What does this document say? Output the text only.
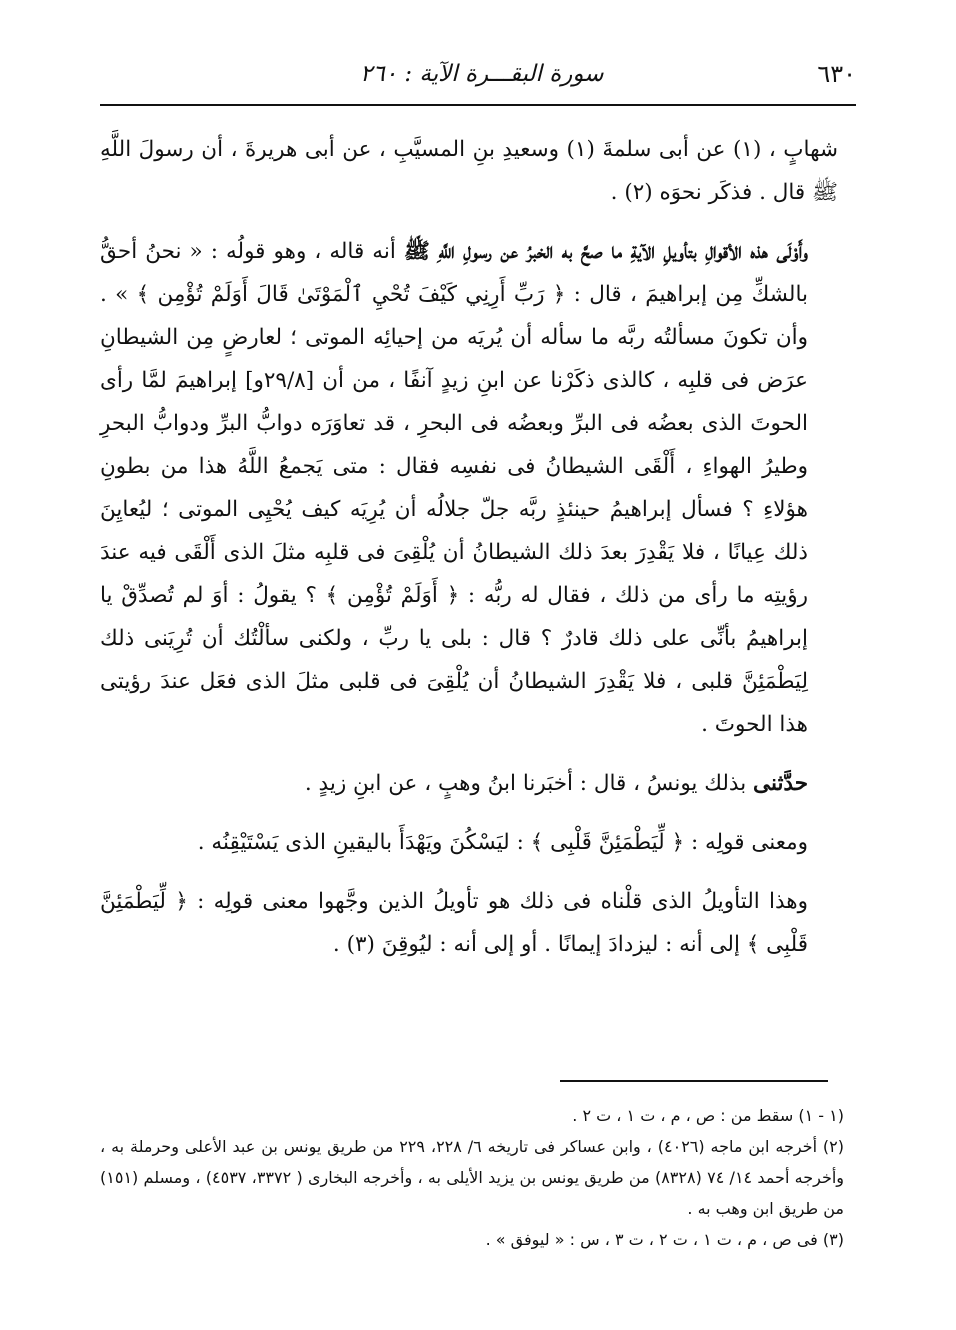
٦٣٠
سورة البقـــرة الآية : ٢٦٠

شهابٍ ، (١) عن أبى سلمةَ (١) وسعيدِ بنِ المسيَّبِ ، عن أبى هريرةَ ، أن رسولَ اللَّهِ ﷺ قال . فذكَر نحوَه (٢) .

وأَوْلَى هذه الأقوالِ بتأويلِ الآيةِ ما صحَّ به الخبرُ عن رسولِ اللَّهِ ﷺ أنه قاله ، وهو قولُه : « نحنُ أحقُّ بالشكِّ مِن إبراهيمَ ، قال : ﴿ رَبِّ أَرِنِي كَيْفَ تُحْيِ ٱلْمَوْتَىٰ قَالَ أَوَلَمْ تُؤْمِن ﴾ » . وأن تكونَ مسألتُه ربَّه ما سأله أن يُريَه من إحيائِه الموتى ؛ لعارضٍ مِن الشيطانِ عرَض فى قلبِه ، كالذى ذكَرْنا عن ابنِ زيدٍ آنفًا ، من أن [٢٩/٨و] إبراهيمَ لمَّا رأى الحوتَ الذى بعضُه فى البرِّ وبعضُه فى البحرِ ، قد تعاوَرَه دوابُّ البرِّ ودوابُّ البحرِ وطيرُ الهواءِ ، أَلْقَى الشيطانُ فى نفسِه فقال : متى يَجمعُ اللَّهُ هذا من بطونِ هؤلاءِ ؟ فسأل إبراهيمُ حينئذٍ ربَّه جلّ جلالُه أن يُرِيَه كيف يُحْيِى الموتى ؛ ليُعايِنَ ذلك عِيانًا ، فلا يَقْدِرَ بعدَ ذلك الشيطانُ أن يُلْقِىَ فى قلبِه مثلَ الذى أَلْقَى فيه عندَ رؤيتِه ما رأى من ذلك ، فقال له ربُّه : ﴿ أَوَلَمْ تُؤْمِن ﴾ ؟ يقولُ : أوَ لم تُصدِّقْ يا إبراهيمُ بأنِّى على ذلك قادرٌ ؟ قال : بلى يا ربِّ ، ولكنى سألْتُك أن تُرِيَنى ذلك لِيَطْمَئِنَّ قلبى ، فلا يَقْدِرَ الشيطانُ أن يُلْقِىَ فى قلبى مثلَ الذى فعَل عندَ رؤيتى هذا الحوتَ .

حدَّثنى بذلك يونسُ ، قال : أخبَرنا ابنُ وهبٍ ، عن ابنِ زيدٍ .

ومعنى قولِه : ﴿ لِّيَطْمَئِنَّ قَلْبِى ﴾ : ليَسْكُنَ ويَهْدَأَ باليقينِ الذى يَسْتَيْقِنُه .

وهذا التأويلُ الذى قلْناه فى ذلك هو تأويلُ الذين وجَّهوا معنى قولِه : ﴿ لِّيَطْمَئِنَّ قَلْبِى ﴾ إلى أنه : ليزدادَ إيمانًا . أو إلى أنه : ليُوقِنَ (٣) .

(١ - ١) سقط من : ص ، م ، ت ١ ، ت ٢ .

(٢) أخرجه ابن ماجه (٤٠٢٦) ، وابن عساكر فى تاريخه ٦/ ٢٢٨، ٢٢٩ من طريق يونس بن عبد الأعلى وحرملة به ، وأخرجه أحمد ١٤/ ٧٤ (٨٣٢٨) من طريق يونس بن يزيد الأيلى به ، وأخرجه البخارى ( ٣٣٧٢، ٤٥٣٧) ، ومسلم (١٥١) من طريق ابن وهب به .

(٣) فى ص ، م ، ت ١ ، ت ٢ ، ت ٣ ، س : « ليوفق » .
